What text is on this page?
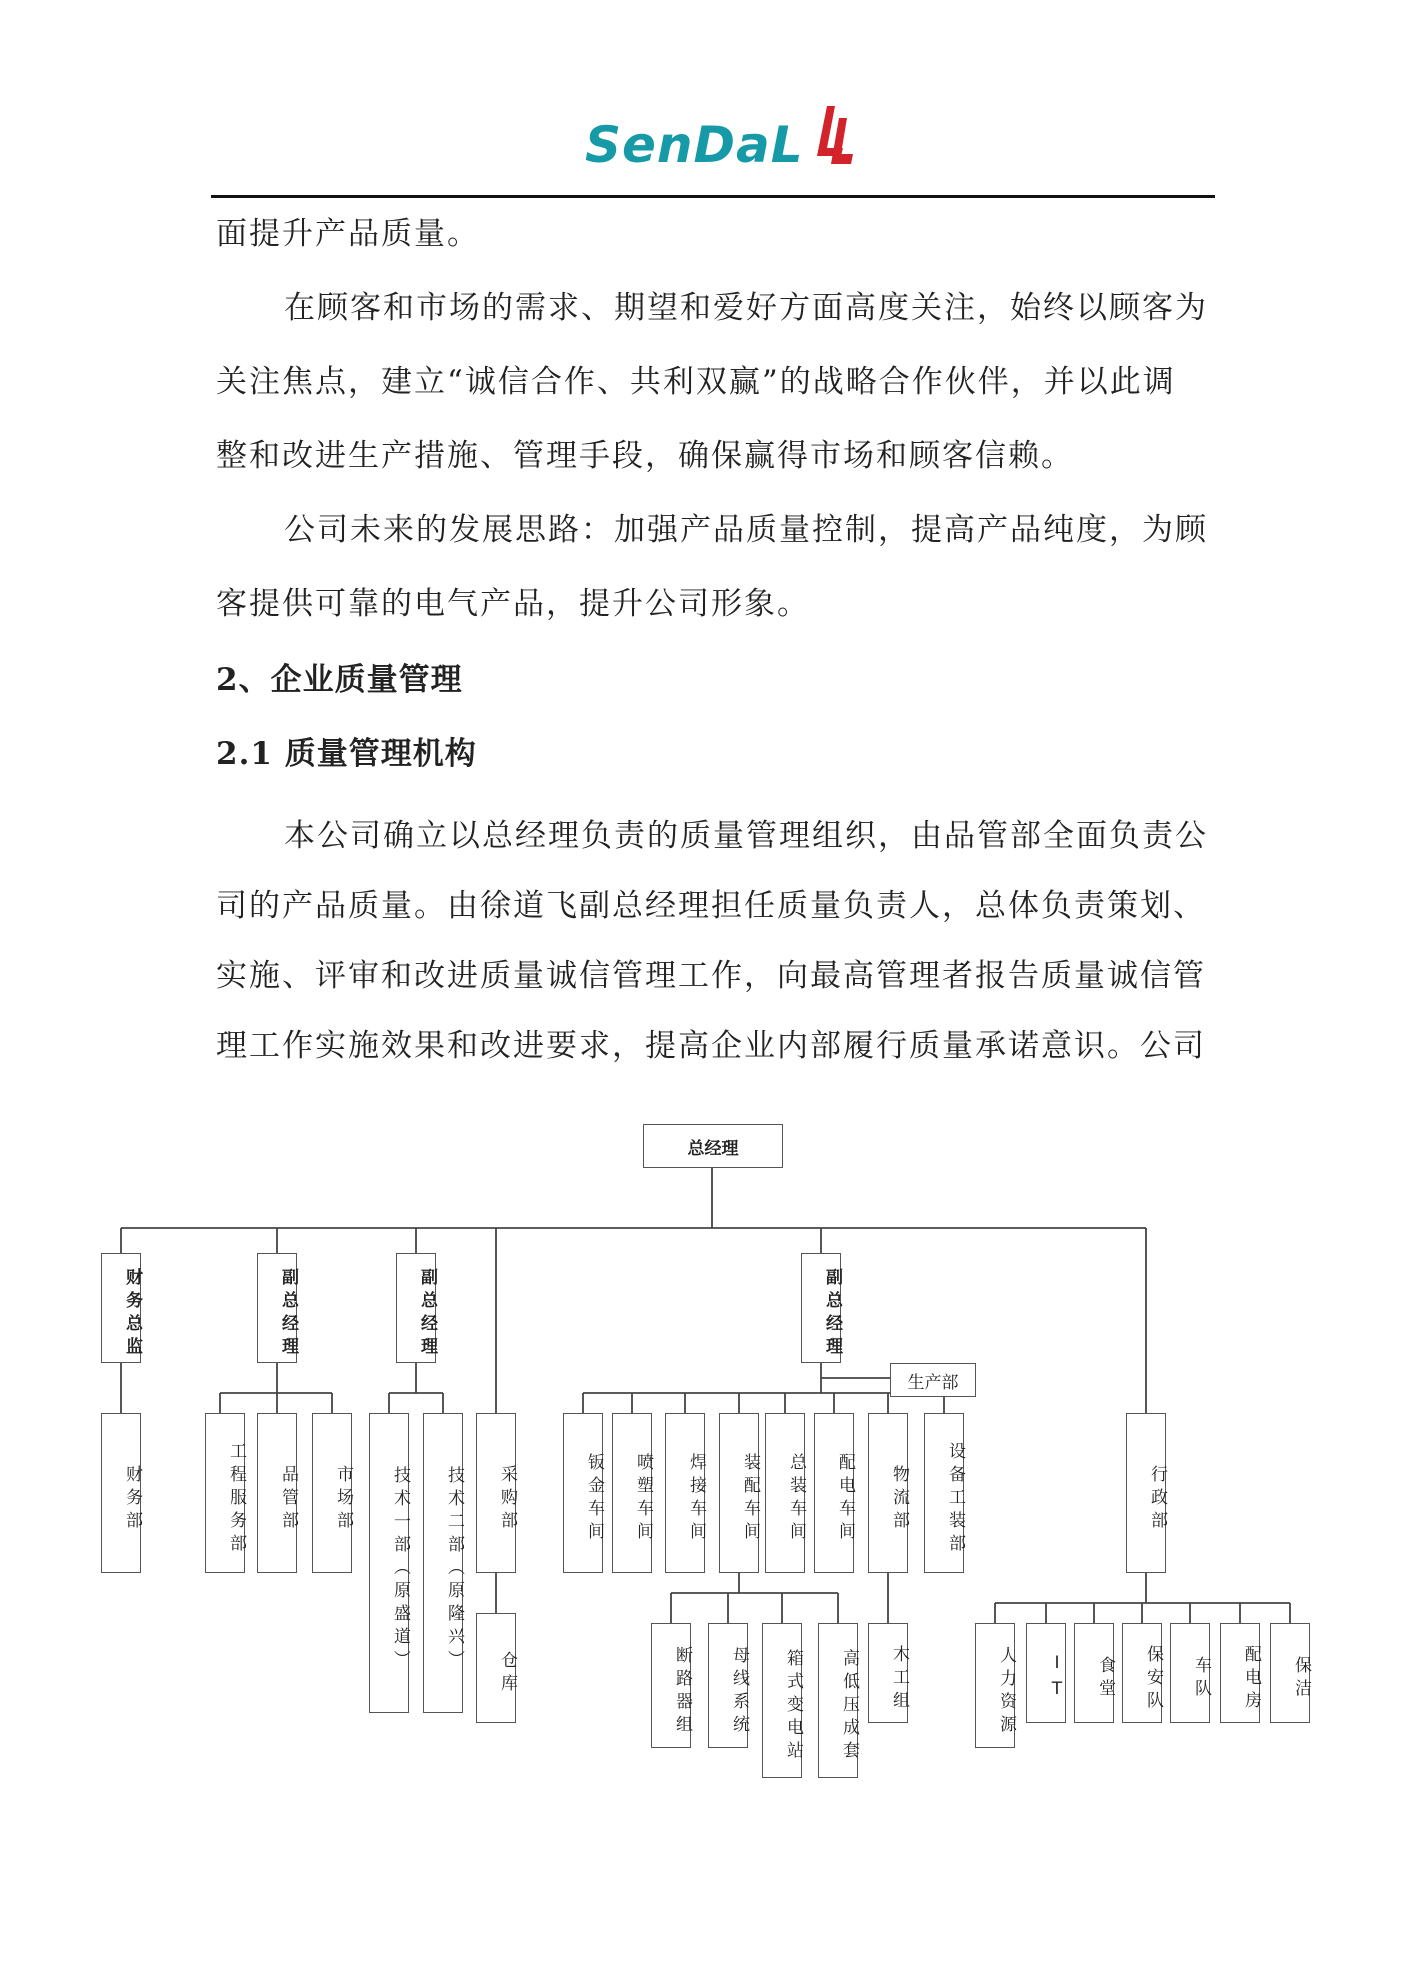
SenDaL
面提升产品质量。
在顾客和市场的需求、期望和爱好方面高度关注，始终以顾客为
关注焦点，建立“诚信合作、共利双赢”的战略合作伙伴，并以此调
整和改进生产措施、管理手段，确保赢得市场和顾客信赖。
公司未来的发展思路：加强产品质量控制，提高产品纯度，为顾
客提供可靠的电气产品，提升公司形象。
2、企业质量管理
2.1 质量管理机构
本公司确立以总经理负责的质量管理组织，由品管部全面负责公
司的产品质量。由徐道飞副总经理担任质量负责人，总体负责策划、
实施、评审和改进质量诚信管理工作，向最高管理者报告质量诚信管
理工作实施效果和改进要求，提高企业内部履行质量承诺意识。公司
总经理
财务总监	副总经理	副总经理	副总经理
生产部
财务部	工程服务部	品管部	市场部	技术一部（原盛道）	技术二部（原隆兴）	采购部
仓库
钣金车间	喷塑车间	焊接车间	装配车间	总装车间	配电车间	物流部	设备工装部
断路器组	母线系统	箱式变电站	高低压成套	木工组
行政部
人力资源	IT	食堂	保安队	车队	配电房	保洁
